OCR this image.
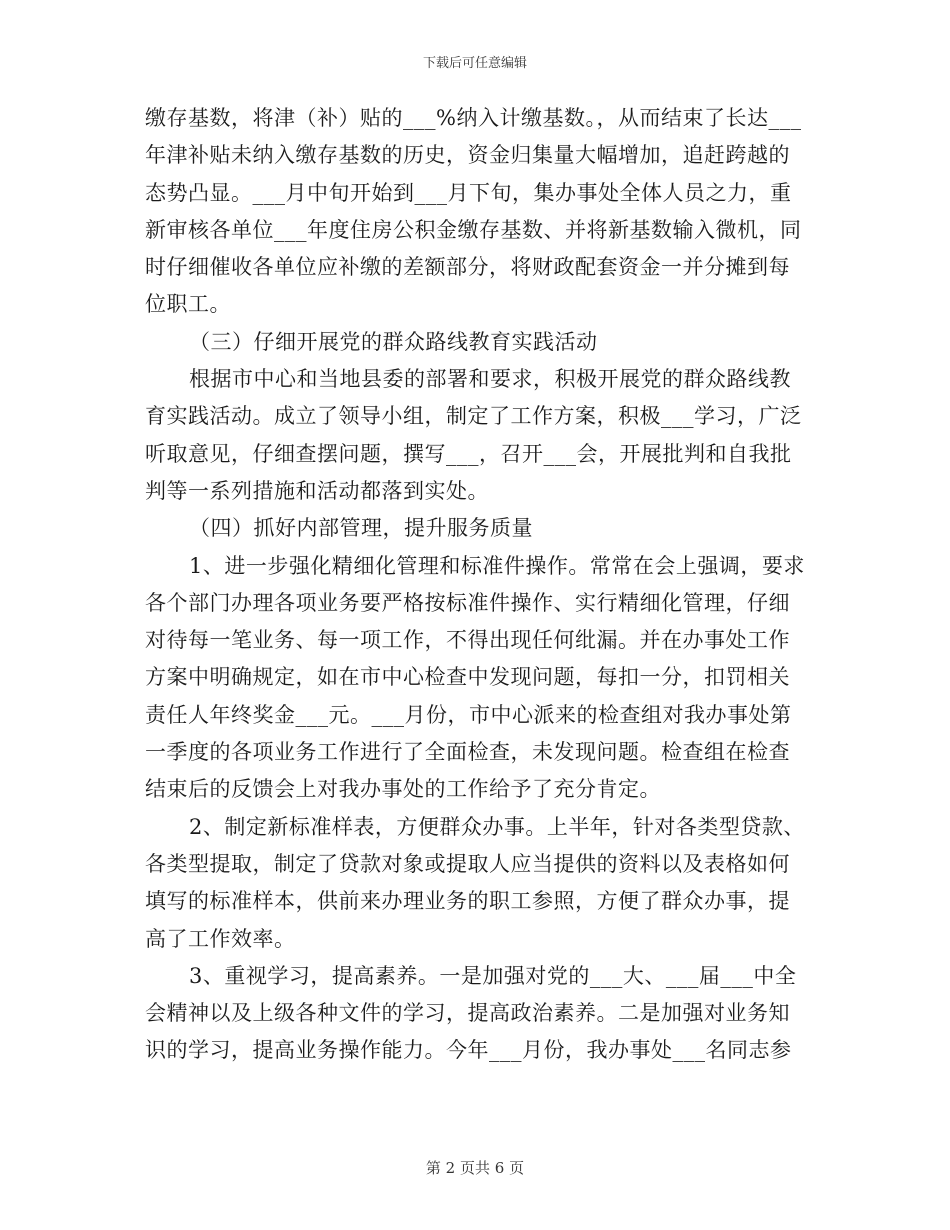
下载后可任意编辑
缴存基数，将津（补）贴的___%纳入计缴基数。，从而结束了长达___
年津补贴未纳入缴存基数的历史，资金归集量大幅增加，追赶跨越的
态势凸显。___月中旬开始到___月下旬，集办事处全体人员之力，重
新审核各单位___年度住房公积金缴存基数、并将新基数输入微机，同
时仔细催收各单位应补缴的差额部分，将财政配套资金一并分摊到每
位职工。
（三）仔细开展党的群众路线教育实践活动
根据市中心和当地县委的部署和要求，积极开展党的群众路线教
育实践活动。成立了领导小组，制定了工作方案，积极___学习，广泛
听取意见，仔细查摆问题，撰写___，召开___会，开展批判和自我批
判等一系列措施和活动都落到实处。
（四）抓好内部管理，提升服务质量
1、进一步强化精细化管理和标准件操作。常常在会上强调，要求
各个部门办理各项业务要严格按标准件操作、实行精细化管理，仔细
对待每一笔业务、每一项工作，不得出现任何纰漏。并在办事处工作
方案中明确规定，如在市中心检查中发现问题，每扣一分，扣罚相关
责任人年终奖金___元。___月份，市中心派来的检查组对我办事处第
一季度的各项业务工作进行了全面检查，未发现问题。检查组在检查
结束后的反馈会上对我办事处的工作给予了充分肯定。
2、制定新标准样表，方便群众办事。上半年，针对各类型贷款、
各类型提取，制定了贷款对象或提取人应当提供的资料以及表格如何
填写的标准样本，供前来办理业务的职工参照，方便了群众办事，提
高了工作效率。
3、重视学习，提高素养。一是加强对党的___大、___届___中全
会精神以及上级各种文件的学习，提高政治素养。二是加强对业务知
识的学习，提高业务操作能力。今年___月份，我办事处___名同志参
第 2 页共 6 页
